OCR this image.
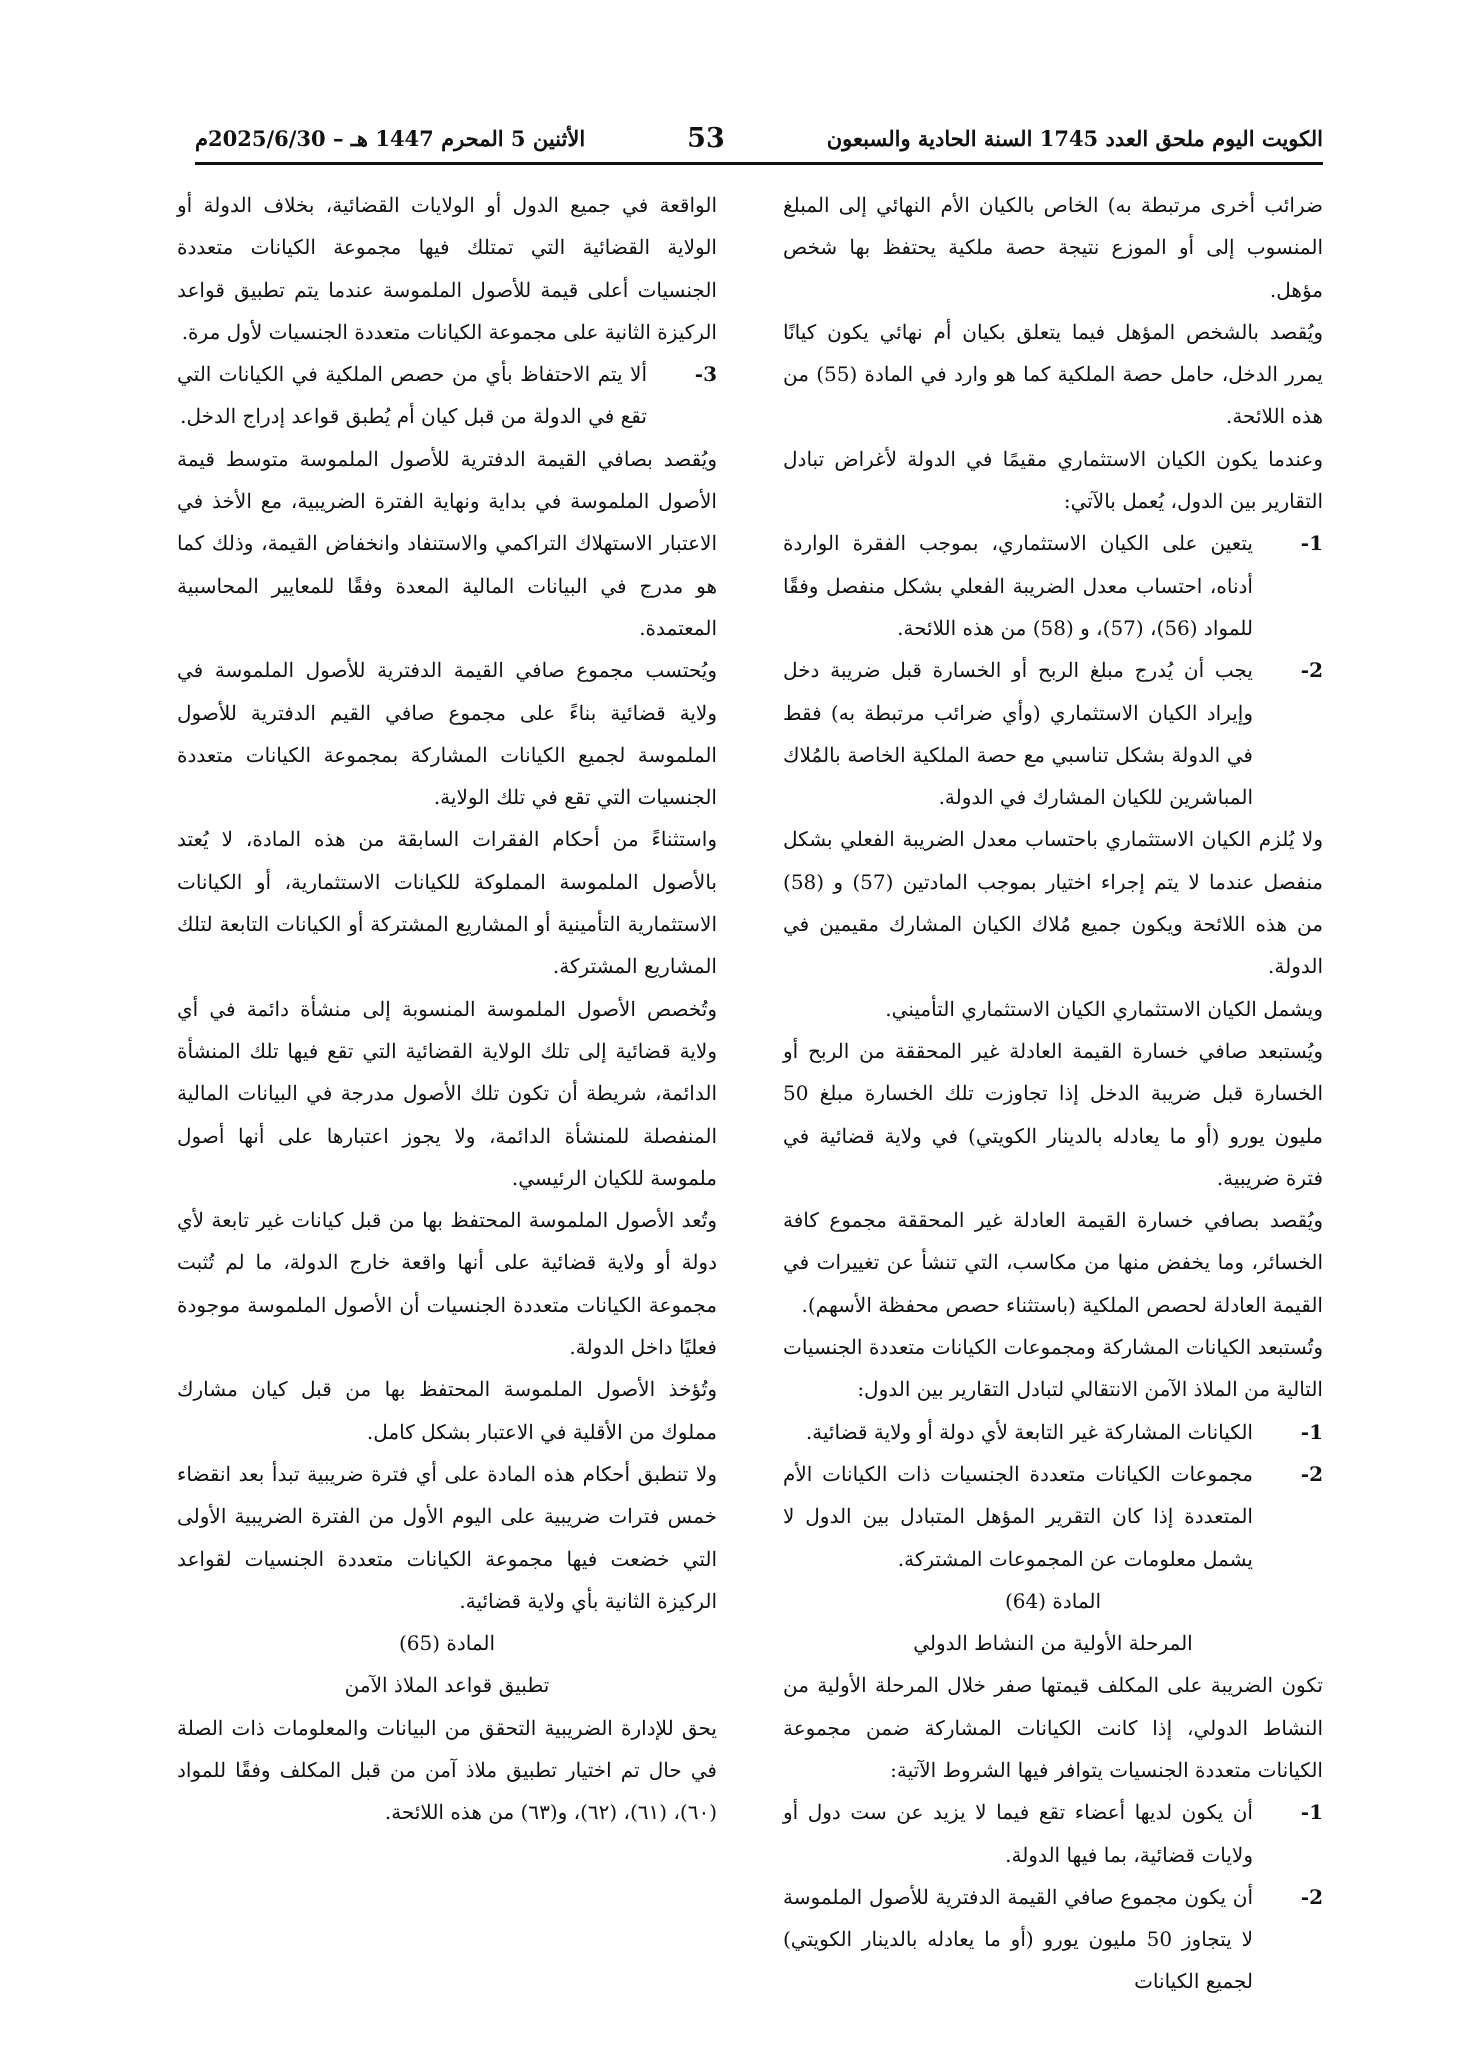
الكويت اليوم ملحق العدد 1745 السنة الحادية والسبعون
53
الأثنين 5 المحرم 1447 هـ – 2025/6/30م

ضرائب أخرى مرتبطة به) الخاص بالكيان الأم النهائي إلى المبلغ المنسوب إلى أو الموزع نتيجة حصة ملكية يحتفظ بها شخص مؤهل.

ويُقصد بالشخص المؤهل فيما يتعلق بكيان أم نهائي يكون كيانًا يمرر الدخل، حامل حصة الملكية كما هو وارد في المادة (55) من هذه اللائحة.

وعندما يكون الكيان الاستثماري مقيمًا في الدولة لأغراض تبادل التقارير بين الدول، يُعمل بالآتي:

1-
يتعين على الكيان الاستثماري، بموجب الفقرة الواردة أدناه، احتساب معدل الضريبة الفعلي بشكل منفصل وفقًا للمواد (56)، (57)، و (58) من هذه اللائحة.
2-
يجب أن يُدرج مبلغ الربح أو الخسارة قبل ضريبة دخل وإيراد الكيان الاستثماري (وأي ضرائب مرتبطة به) فقط في الدولة بشكل تناسبي مع حصة الملكية الخاصة بالمُلاك المباشرين للكيان المشارك في الدولة.

ولا يُلزم الكيان الاستثماري باحتساب معدل الضريبة الفعلي بشكل منفصل عندما لا يتم إجراء اختيار بموجب المادتين (57) و (58) من هذه اللائحة ويكون جميع مُلاك الكيان المشارك مقيمين في الدولة.

ويشمل الكيان الاستثماري الكيان الاستثماري التأميني.

ويُستبعد صافي خسارة القيمة العادلة غير المحققة من الربح أو الخسارة قبل ضريبة الدخل إذا تجاوزت تلك الخسارة مبلغ 50 مليون يورو (أو ما يعادله بالدينار الكويتي) في ولاية قضائية في فترة ضريبية.

ويُقصد بصافي خسارة القيمة العادلة غير المحققة مجموع كافة الخسائر، وما يخفض منها من مكاسب، التي تنشأ عن تغييرات في القيمة العادلة لحصص الملكية (باستثناء حصص محفظة الأسهم).

وتُستبعد الكيانات المشاركة ومجموعات الكيانات متعددة الجنسيات التالية من الملاذ الآمن الانتقالي لتبادل التقارير بين الدول:

1-
الكيانات المشاركة غير التابعة لأي دولة أو ولاية قضائية.
2-
مجموعات الكيانات متعددة الجنسيات ذات الكيانات الأم المتعددة إذا كان التقرير المؤهل المتبادل بين الدول لا يشمل معلومات عن المجموعات المشتركة.

المادة (64)

المرحلة الأولية من النشاط الدولي

تكون الضريبة على المكلف قيمتها صفر خلال المرحلة الأولية من النشاط الدولي، إذا كانت الكيانات المشاركة ضمن مجموعة الكيانات متعددة الجنسيات يتوافر فيها الشروط الآتية:

1-
أن يكون لديها أعضاء تقع فيما لا يزيد عن ست دول أو ولايات قضائية، بما فيها الدولة.
2-
أن يكون مجموع صافي القيمة الدفترية للأصول الملموسة لا يتجاوز 50 مليون يورو (أو ما يعادله بالدينار الكويتي) لجميع الكيانات

الواقعة في جميع الدول أو الولايات القضائية، بخلاف الدولة أو الولاية القضائية التي تمتلك فيها مجموعة الكيانات متعددة الجنسيات أعلى قيمة للأصول الملموسة عندما يتم تطبيق قواعد الركيزة الثانية على مجموعة الكيانات متعددة الجنسيات لأول مرة.

3-
ألا يتم الاحتفاظ بأي من حصص الملكية في الكيانات التي تقع في الدولة من قبل كيان أم يُطبق قواعد إدراج الدخل.

ويُقصد بصافي القيمة الدفترية للأصول الملموسة متوسط قيمة الأصول الملموسة في بداية ونهاية الفترة الضريبية، مع الأخذ في الاعتبار الاستهلاك التراكمي والاستنفاد وانخفاض القيمة، وذلك كما هو مدرج في البيانات المالية المعدة وفقًا للمعايير المحاسبية المعتمدة.

ويُحتسب مجموع صافي القيمة الدفترية للأصول الملموسة في ولاية قضائية بناءً على مجموع صافي القيم الدفترية للأصول الملموسة لجميع الكيانات المشاركة بمجموعة الكيانات متعددة الجنسيات التي تقع في تلك الولاية.

واستثناءً من أحكام الفقرات السابقة من هذه المادة، لا يُعتد بالأصول الملموسة المملوكة للكيانات الاستثمارية، أو الكيانات الاستثمارية التأمينية أو المشاريع المشتركة أو الكيانات التابعة لتلك المشاريع المشتركة.

وتُخصص الأصول الملموسة المنسوبة إلى منشأة دائمة في أي ولاية قضائية إلى تلك الولاية القضائية التي تقع فيها تلك المنشأة الدائمة، شريطة أن تكون تلك الأصول مدرجة في البيانات المالية المنفصلة للمنشأة الدائمة، ولا يجوز اعتبارها على أنها أصول ملموسة للكيان الرئيسي.

وتُعد الأصول الملموسة المحتفظ بها من قبل كيانات غير تابعة لأي دولة أو ولاية قضائية على أنها واقعة خارج الدولة، ما لم تُثبت مجموعة الكيانات متعددة الجنسيات أن الأصول الملموسة موجودة فعليًا داخل الدولة.

وتُؤخذ الأصول الملموسة المحتفظ بها من قبل كيان مشارك مملوك من الأقلية في الاعتبار بشكل كامل.

ولا تنطبق أحكام هذه المادة على أي فترة ضريبية تبدأ بعد انقضاء خمس فترات ضريبية على اليوم الأول من الفترة الضريبية الأولى التي خضعت فيها مجموعة الكيانات متعددة الجنسيات لقواعد الركيزة الثانية بأي ولاية قضائية.

المادة (65)

تطبيق قواعد الملاذ الآمن

يحق للإدارة الضريبية التحقق من البيانات والمعلومات ذات الصلة في حال تم اختيار تطبيق ملاذ آمن من قبل المكلف وفقًا للمواد (٦٠)، (٦١)، (٦٢)، و(٦٣) من هذه اللائحة.
